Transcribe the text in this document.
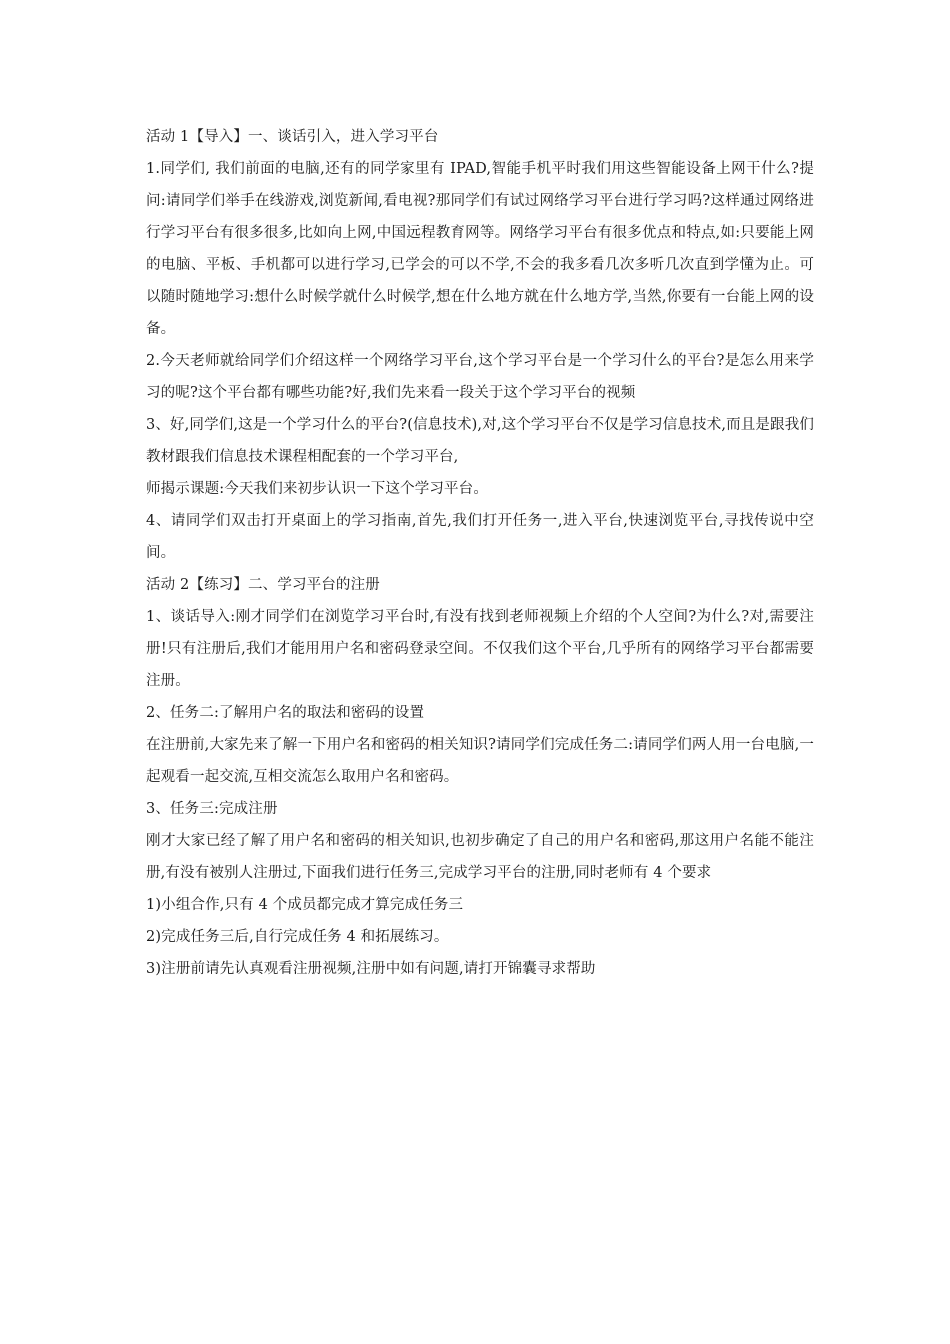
活动 1【导入】一、谈话引入，进入学习平台

1.同学们, 我们前面的电脑,还有的同学家里有 IPAD,智能手机平时我们用这些智能设备上网干什么?提问:请同学们举手在线游戏,浏览新闻,看电视?那同学们有试过网络学习平台进行学习吗?这样通过网络进行学习平台有很多很多,比如向上网,中国远程教育网等。网络学习平台有很多优点和特点,如:只要能上网的电脑、平板、手机都可以进行学习,已学会的可以不学,不会的我多看几次多听几次直到学懂为止。可以随时随地学习:想什么时候学就什么时候学,想在什么地方就在什么地方学,当然,你要有一台能上网的设备。

2.今天老师就给同学们介绍这样一个网络学习平台,这个学习平台是一个学习什么的平台?是怎么用来学习的呢?这个平台都有哪些功能?好,我们先来看一段关于这个学习平台的视频

3、好,同学们,这是一个学习什么的平台?(信息技术),对,这个学习平台不仅是学习信息技术,而且是跟我们教材跟我们信息技术课程相配套的一个学习平台,

师揭示课题:今天我们来初步认识一下这个学习平台。

4、请同学们双击打开桌面上的学习指南,首先,我们打开任务一,进入平台,快速浏览平台,寻找传说中空间。

活动 2【练习】二、学习平台的注册

1、谈话导入:刚才同学们在浏览学习平台时,有没有找到老师视频上介绍的个人空间?为什么?对,需要注册!只有注册后,我们才能用用户名和密码登录空间。不仅我们这个平台,几乎所有的网络学习平台都需要注册。

2、任务二:了解用户名的取法和密码的设置

在注册前,大家先来了解一下用户名和密码的相关知识?请同学们完成任务二:请同学们两人用一台电脑,一起观看一起交流,互相交流怎么取用户名和密码。

3、任务三:完成注册

刚才大家已经了解了用户名和密码的相关知识,也初步确定了自己的用户名和密码,那这用户名能不能注册,有没有被别人注册过,下面我们进行任务三,完成学习平台的注册,同时老师有 4 个要求

1)小组合作,只有 4 个成员都完成才算完成任务三

2)完成任务三后,自行完成任务 4 和拓展练习。

3)注册前请先认真观看注册视频,注册中如有问题,请打开锦囊寻求帮助
